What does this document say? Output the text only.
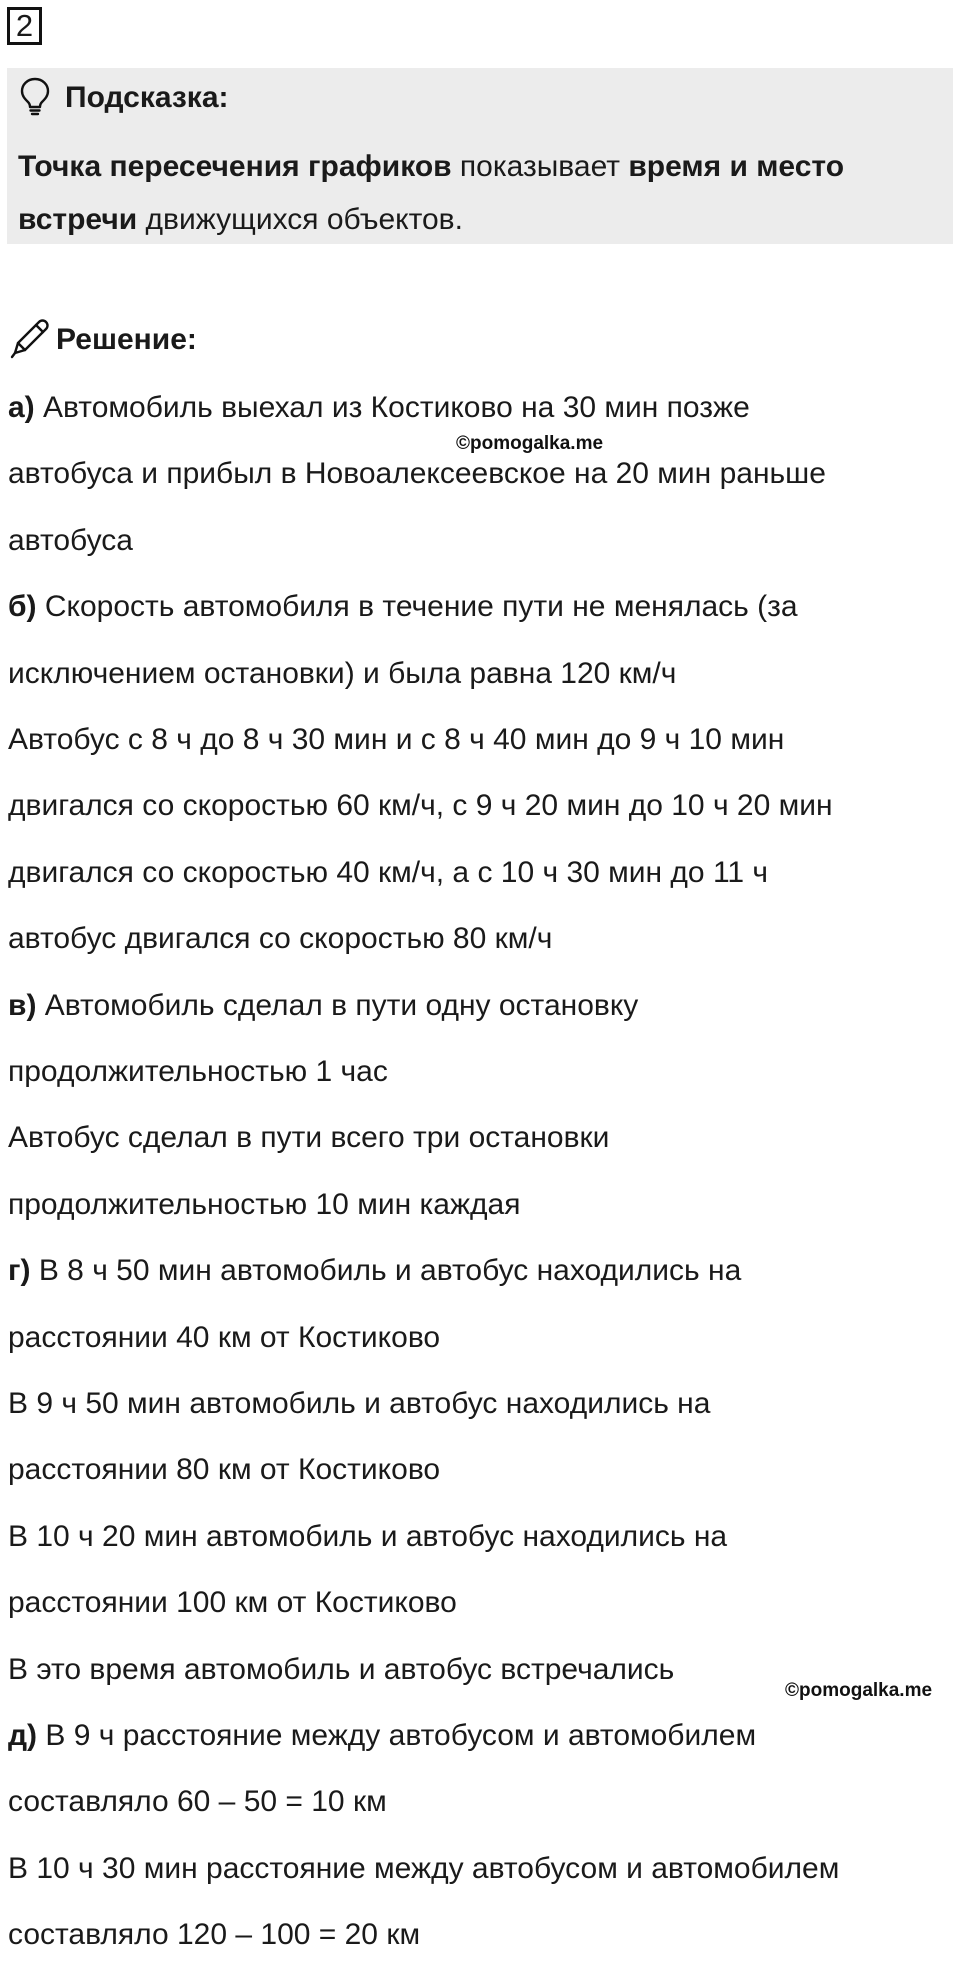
2
Подсказка:
Точка пересечения графиков показывает время и место встречи движущихся объектов.
Решение:
а) Автомобиль выехал из Костиково на 30 мин позже
автобуса и прибыл в Новоалексеевское на 20 мин раньше
автобуса
б) Скорость автомобиля в течение пути не менялась (за
исключением остановки) и была равна 120 км/ч
Автобус с 8 ч до 8 ч 30 мин и с 8 ч 40 мин до 9 ч 10 мин
двигался со скоростью 60 км/ч, с 9 ч 20 мин до 10 ч 20 мин
двигался со скоростью 40 км/ч, а с 10 ч 30 мин до 11 ч
автобус двигался со скоростью 80 км/ч
в) Автомобиль сделал в пути одну остановку
продолжительностью 1 час
Автобус сделал в пути всего три остановки
продолжительностью 10 мин каждая
г) В 8 ч 50 мин автомобиль и автобус находились на
расстоянии 40 км от Костиково
В 9 ч 50 мин автомобиль и автобус находились на
расстоянии 80 км от Костиково
В 10 ч 20 мин автомобиль и автобус находились на
расстоянии 100 км от Костиково
В это время автомобиль и автобус встречались
д) В 9 ч расстояние между автобусом и автомобилем
составляло 60 – 50 = 10 км
В 10 ч 30 мин расстояние между автобусом и автомобилем
составляло 120 – 100 = 20 км
©pomogalka.me
©pomogalka.me
